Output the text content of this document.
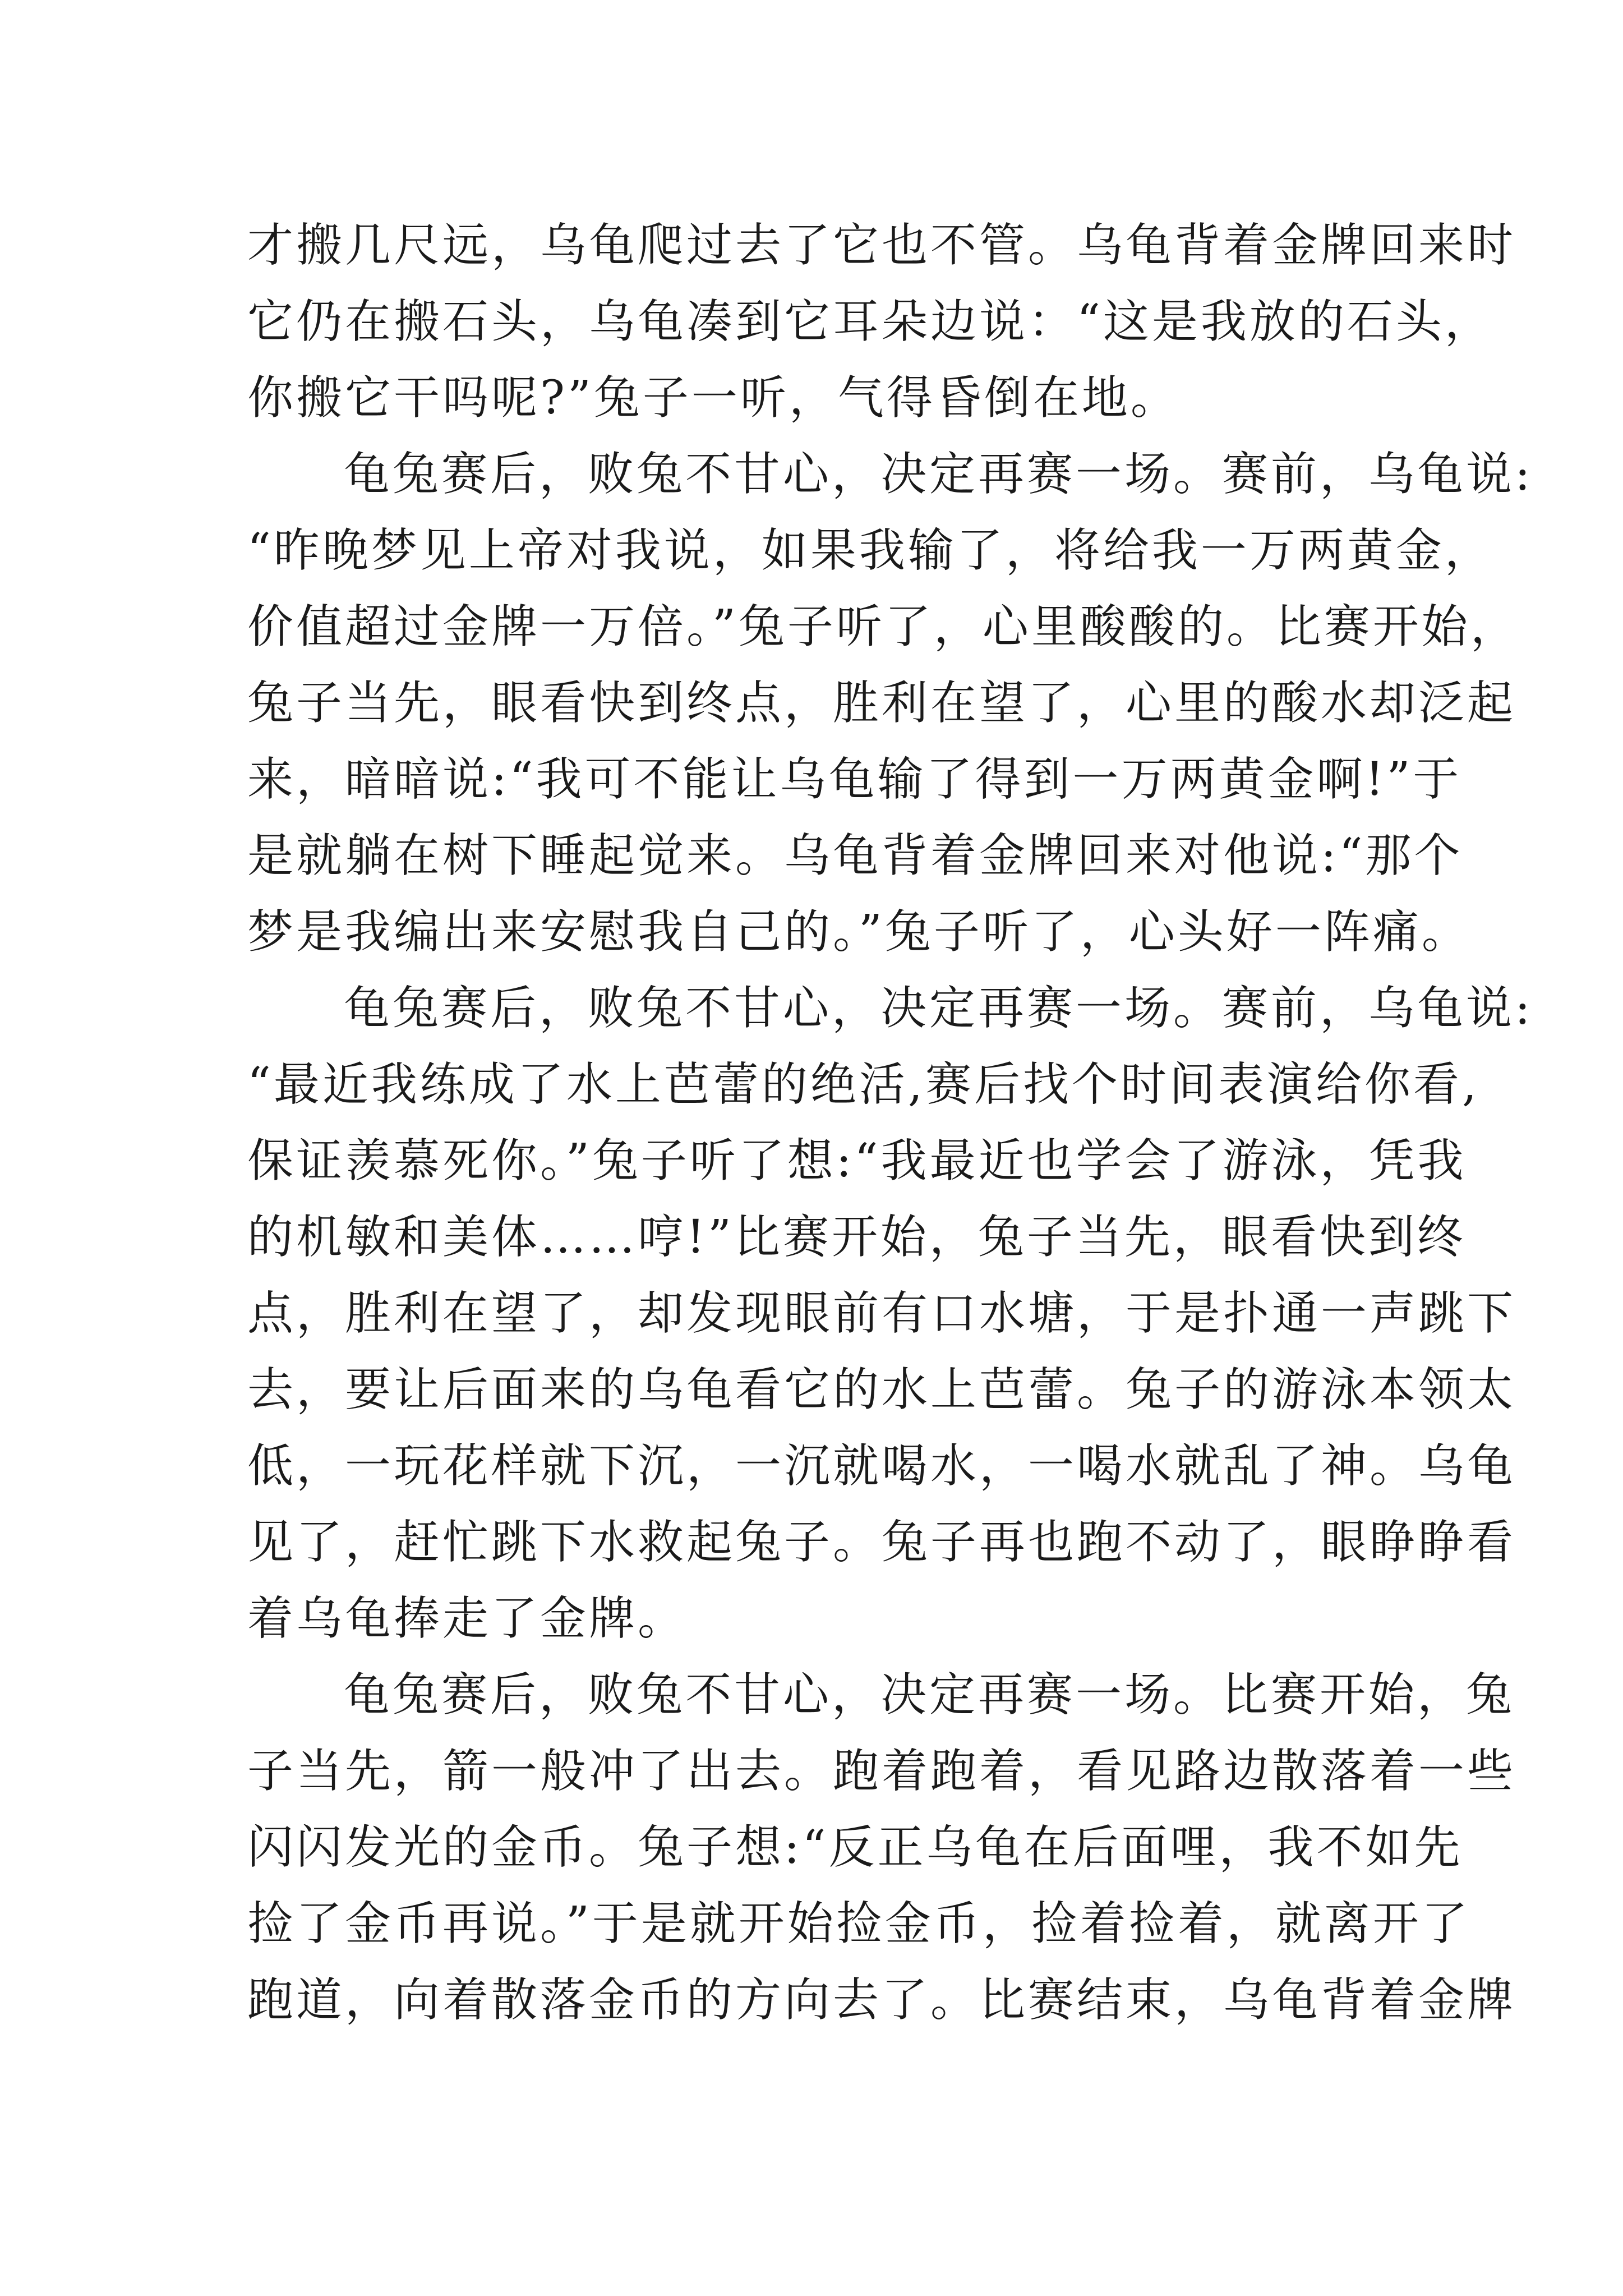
才搬几尺远，乌龟爬过去了它也不管。乌龟背着金牌回来时
它仍在搬石头，乌龟凑到它耳朵边说：“这是我放的石头，
你搬它干吗呢?”兔子一听，气得昏倒在地。
龟兔赛后，败兔不甘心，决定再赛一场。赛前，乌龟说:
“昨晚梦见上帝对我说，如果我输了，将给我一万两黄金，
价值超过金牌一万倍。”兔子听了，心里酸酸的。比赛开始，
兔子当先，眼看快到终点，胜利在望了，心里的酸水却泛起
来，暗暗说:“我可不能让乌龟输了得到一万两黄金啊!”于
是就躺在树下睡起觉来。乌龟背着金牌回来对他说:“那个
梦是我编出来安慰我自己的。”兔子听了，心头好一阵痛。
龟兔赛后，败兔不甘心，决定再赛一场。赛前，乌龟说:
“最近我练成了水上芭蕾的绝活,赛后找个时间表演给你看,
保证羡慕死你。”兔子听了想:“我最近也学会了游泳，凭我
的机敏和美体……哼!”比赛开始，兔子当先，眼看快到终
点，胜利在望了，却发现眼前有口水塘，于是扑通一声跳下
去，要让后面来的乌龟看它的水上芭蕾。兔子的游泳本领太
低，一玩花样就下沉，一沉就喝水，一喝水就乱了神。乌龟
见了，赶忙跳下水救起兔子。兔子再也跑不动了，眼睁睁看
着乌龟捧走了金牌。
龟兔赛后，败兔不甘心，决定再赛一场。比赛开始，兔
子当先，箭一般冲了出去。跑着跑着，看见路边散落着一些
闪闪发光的金币。兔子想:“反正乌龟在后面哩，我不如先
捡了金币再说。”于是就开始捡金币，捡着捡着，就离开了
跑道，向着散落金币的方向去了。比赛结束，乌龟背着金牌
